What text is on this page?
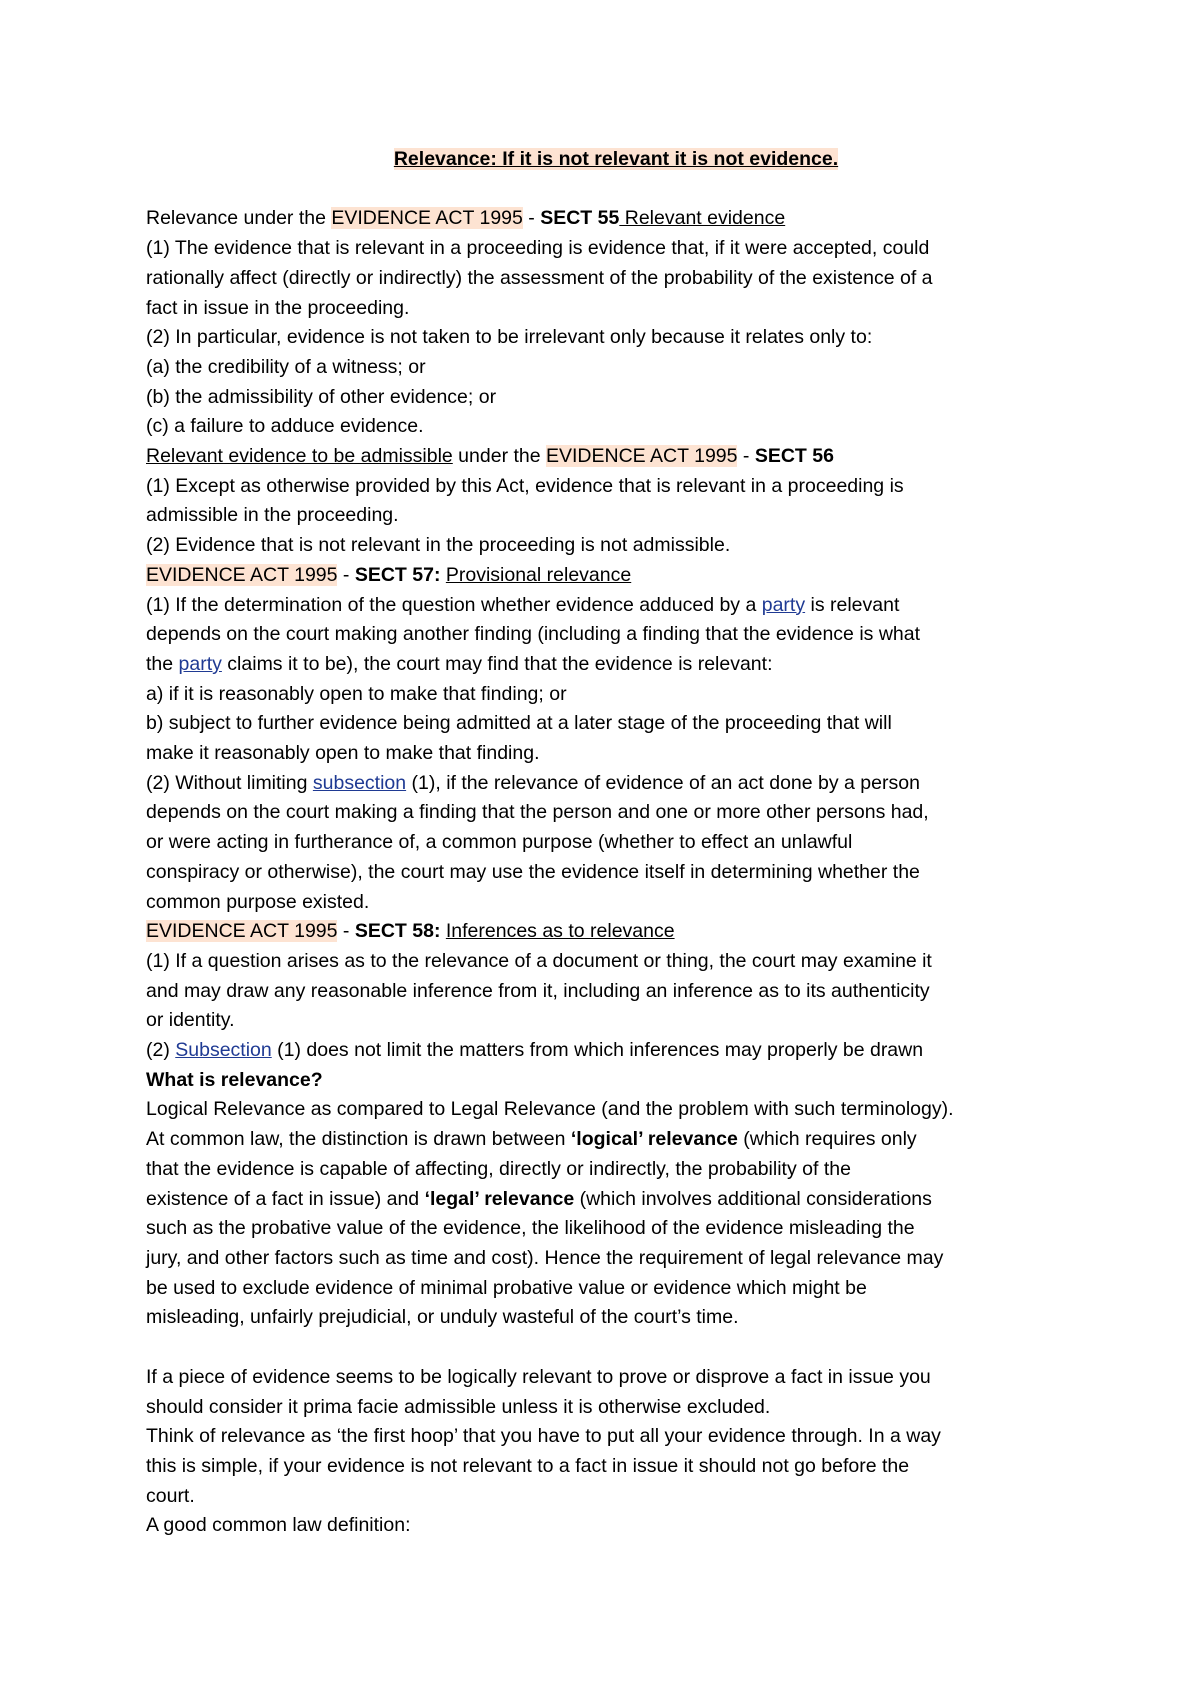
Relevance: If it is not relevant it is not evidence.

Relevance under the EVIDENCE ACT 1995 - SECT 55 Relevant evidence

(1) The evidence that is relevant in a proceeding is evidence that, if it were accepted, could

rationally affect (directly or indirectly) the assessment of the probability of the existence of a

fact in issue in the proceeding.

(2) In particular, evidence is not taken to be irrelevant only because it relates only to:

(a) the credibility of a witness; or

(b) the admissibility of other evidence; or

(c) a failure to adduce evidence.

Relevant evidence to be admissible under the EVIDENCE ACT 1995 - SECT 56

(1) Except as otherwise provided by this Act, evidence that is relevant in a proceeding is

admissible in the proceeding.

(2) Evidence that is not relevant in the proceeding is not admissible.

EVIDENCE ACT 1995 - SECT 57: Provisional relevance

(1) If the determination of the question whether evidence adduced by a party is relevant

depends on the court making another finding (including a finding that the evidence is what

the party claims it to be), the court may find that the evidence is relevant:

a) if it is reasonably open to make that finding; or

b) subject to further evidence being admitted at a later stage of the proceeding that will

make it reasonably open to make that finding.

(2) Without limiting subsection (1), if the relevance of evidence of an act done by a person

depends on the court making a finding that the person and one or more other persons had,

or were acting in furtherance of, a common purpose (whether to effect an unlawful

conspiracy or otherwise), the court may use the evidence itself in determining whether the

common purpose existed.

EVIDENCE ACT 1995 - SECT 58: Inferences as to relevance

(1) If a question arises as to the relevance of a document or thing, the court may examine it

and may draw any reasonable inference from it, including an inference as to its authenticity

or identity.

(2) Subsection (1) does not limit the matters from which inferences may properly be drawn

What is relevance?

Logical Relevance as compared to Legal Relevance (and the problem with such terminology).

At common law, the distinction is drawn between ‘logical’ relevance (which requires only

that the evidence is capable of affecting, directly or indirectly, the probability of the

existence of a fact in issue) and ‘legal’ relevance (which involves additional considerations

such as the probative value of the evidence, the likelihood of the evidence misleading the

jury, and other factors such as time and cost). Hence the requirement of legal relevance may

be used to exclude evidence of minimal probative value or evidence which might be

misleading, unfairly prejudicial, or unduly wasteful of the court’s time.

If a piece of evidence seems to be logically relevant to prove or disprove a fact in issue you

should consider it prima facie admissible unless it is otherwise excluded.

Think of relevance as ‘the first hoop’ that you have to put all your evidence through. In a way

this is simple, if your evidence is not relevant to a fact in issue it should not go before the

court.

A good common law definition:
